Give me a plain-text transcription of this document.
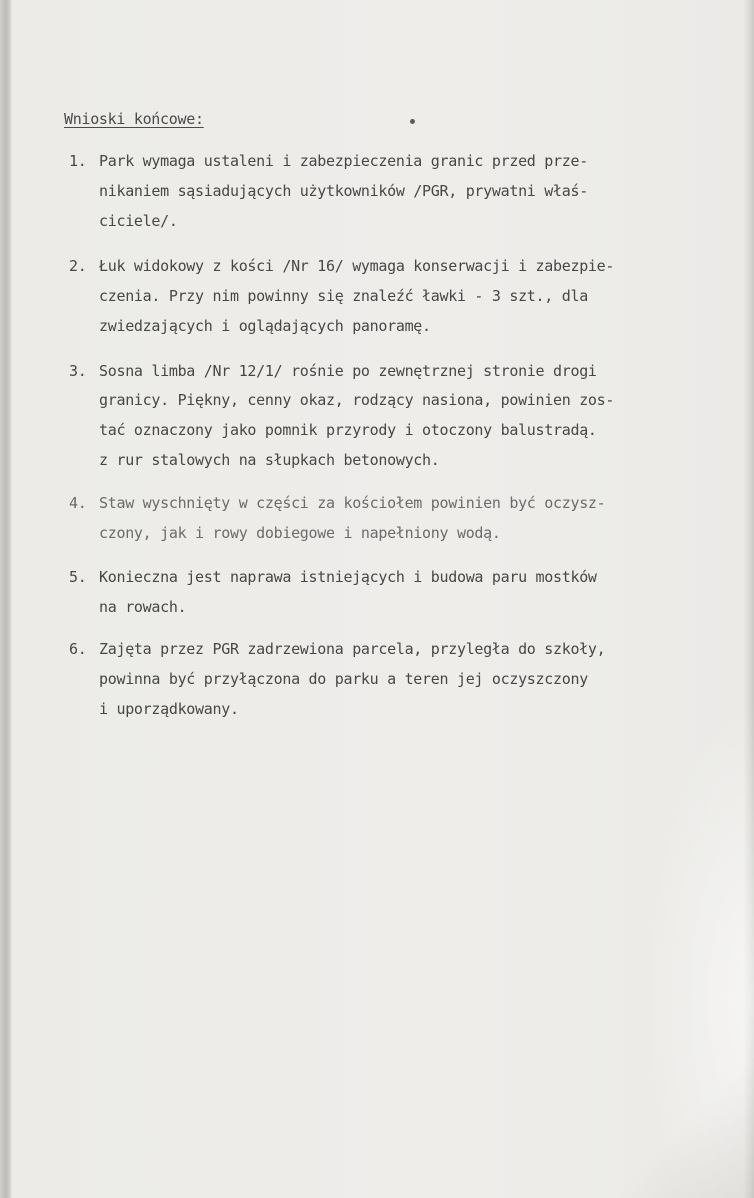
Wnioski końcowe:
1. Park wymaga ustaleni i zabezpieczenia granic przed prze-
nikaniem sąsiadujących użytkowników /PGR, prywatni właś-
ciciele/.
2. Łuk widokowy z kości /Nr 16/ wymaga konserwacji i zabezpie-
czenia. Przy nim powinny się znaleźć ławki - 3 szt., dla
zwiedzających i oglądających panoramę.
3. Sosna limba /Nr 12/1/ rośnie po zewnętrznej stronie drogi
granicy. Piękny, cenny okaz, rodzący nasiona, powinien zos-
tać oznaczony jako pomnik przyrody i otoczony balustradą.
z rur stalowych na słupkach betonowych.
4. Staw wyschnięty w części za kościołem powinien być oczysz-
czony, jak i rowy dobiegowe i napełniony wodą.
5. Konieczna jest naprawa istniejących i budowa paru mostków
na rowach.
6. Zajęta przez PGR zadrzewiona parcela, przyległa do szkoły,
powinna być przyłączona do parku a teren jej oczyszczony
i uporządkowany.
